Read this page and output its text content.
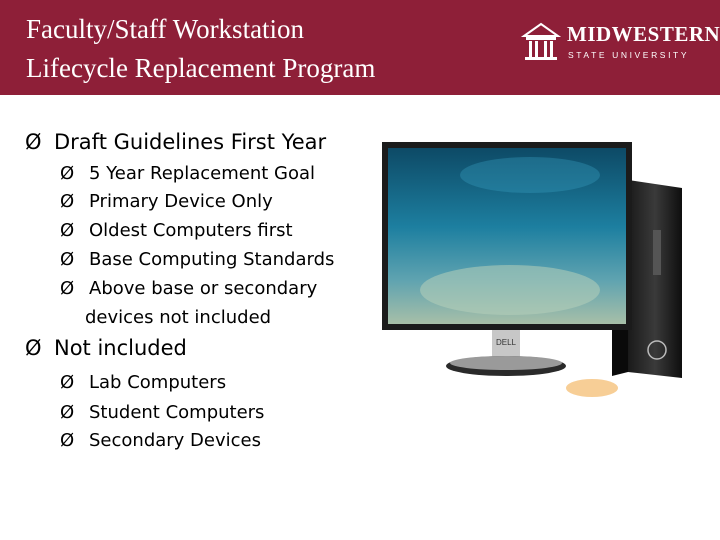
Faculty/Staff Workstation
Lifecycle Replacement Program
MIDWESTERN
STATE UNIVERSITY
Ø Draft Guidelines First Year
Ø 5 Year Replacement Goal
Ø Primary Device Only
Ø Oldest Computers first
Ø Base Computing Standards
Ø Above base or secondary
devices not included
Ø Not included
Ø Lab Computers
Ø Student Computers
Ø Secondary Devices
DELL
